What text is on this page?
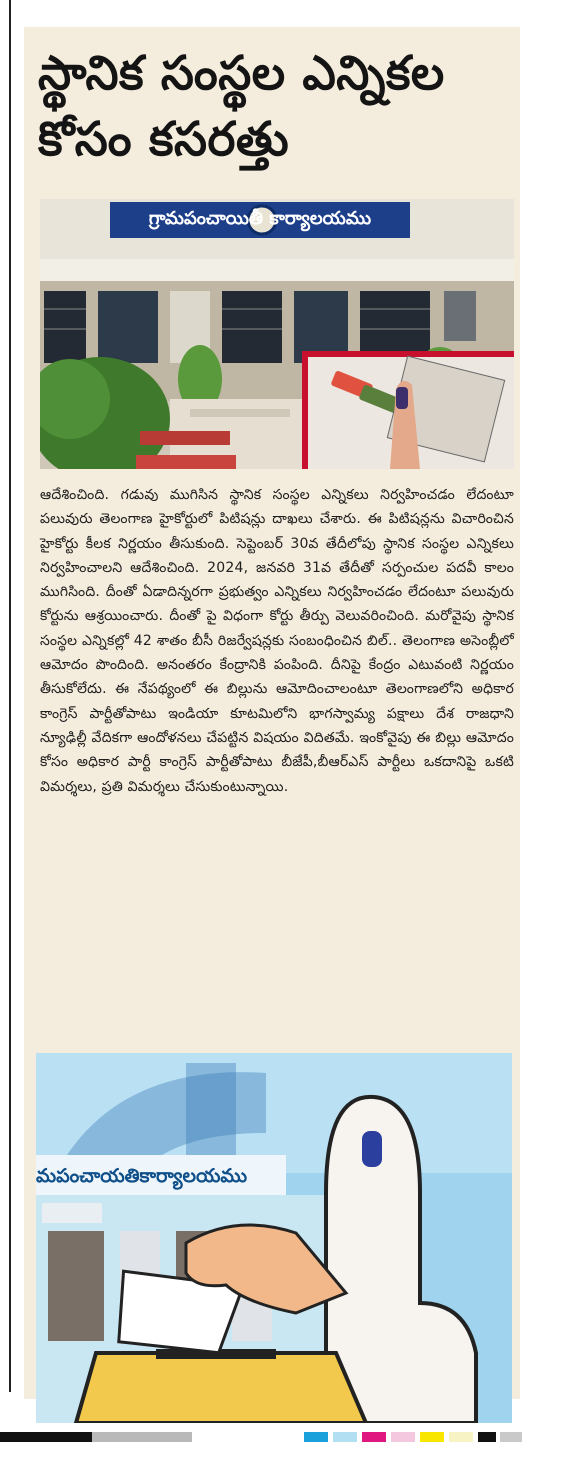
స్థానిక సంస్థల ఎన్నికల కోసం కసరత్తు
గ్రామపంచాయితీ కార్యాలయము

ఆదేశించింది. గడువు ముగిసిన స్థానిక సంస్థల ఎన్నికలు నిర్వహించడం లేదంటూ పలువురు తెలంగాణ హైకోర్టులో పిటిషన్లు దాఖలు చేశారు. ఈ పిటిషన్లను విచారించిన హైకోర్టు కీలక నిర్ణయం తీసుకుంది. సెప్టెంబర్ 30వ తేదీలోపు స్థానిక సంస్థల ఎన్నికలు నిర్వహించాలని ఆదేశించింది. 2024, జనవరి 31వ తేదీతో సర్పంచుల పదవీ కాలం ముగిసింది. దీంతో ఏడాదిన్నరగా ప్రభుత్వం ఎన్నికలు నిర్వహించడం లేదంటూ పలువురు కోర్టును ఆశ్రయించారు. దీంతో పై విధంగా కోర్టు తీర్పు వెలువరించింది. మరోవైపు స్థానిక సంస్థల ఎన్నికల్లో 42 శాతం బీసీ రిజర్వేషన్లకు సంబంధించిన బిల్.. తెలంగాణ అసెంబ్లీలో ఆమోదం పొందింది. అనంతరం కేంద్రానికి పంపింది. దీనిపై కేంద్రం ఎటువంటి నిర్ణయం తీసుకోలేదు. ఈ నేపథ్యంలో ఈ బిల్లును ఆమోదించాలంటూ తెలంగాణలోని అధికార కాంగ్రెస్ పార్టీతోపాటు ఇండియా కూటమిలోని భాగస్వామ్య పక్షాలు దేశ రాజధాని న్యూఢిల్లీ వేదికగా ఆందోళనలు చేపట్టిన విషయం విదితమే. ఇంకోవైపు ఈ బిల్లు ఆమోదం కోసం అధికార పార్టీ కాంగ్రెస్ పార్టీతోపాటు బీజేపీ,బీఆర్ఎస్ పార్టీలు ఒకదానిపై ఒకటి విమర్శలు, ప్రతి విమర్శలు చేసుకుంటున్నాయి.

మపంచాయతికార్యాలయము
